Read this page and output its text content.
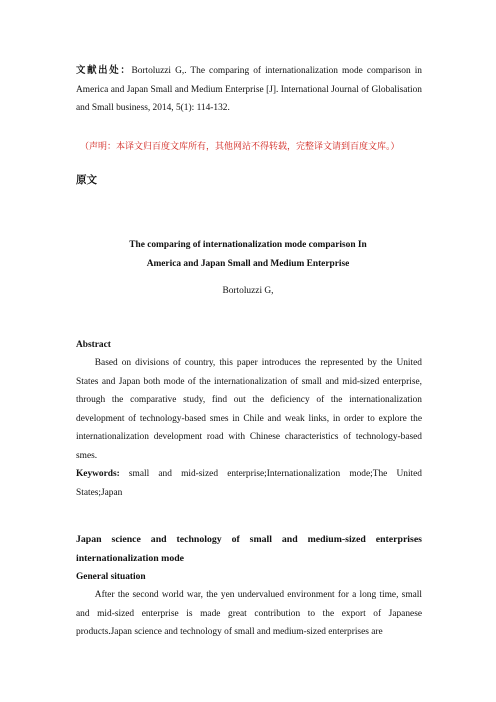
文献出处：Bortoluzzi G,. The comparing of internationalization mode comparison in America and Japan Small and Medium Enterprise [J]. International Journal of Globalisation and Small business, 2014, 5(1): 114-132.
（声明：本译文归百度文库所有，其他网站不得转载，完整译文请到百度文库。）
原文
The comparing of internationalization mode comparison In
America and Japan Small and Medium Enterprise
Bortoluzzi G,
Abstract
Based on divisions of country, this paper introduces the represented by the United States and Japan both mode of the internationalization of small and mid-sized enterprise, through the comparative study, find out the deficiency of the internationalization development of technology-based smes in Chile and weak links, in order to explore the internationalization development road with Chinese characteristics of technology-based smes.
Keywords: small and mid-sized enterprise;Internationalization mode;The United States;Japan
Japan science and technology of small and medium-sized enterprises internationalization mode
General situation
After the second world war, the yen undervalued environment for a long time, small and mid-sized enterprise is made great contribution to the export of Japanese products.Japan science and technology of small and medium-sized enterprises are
